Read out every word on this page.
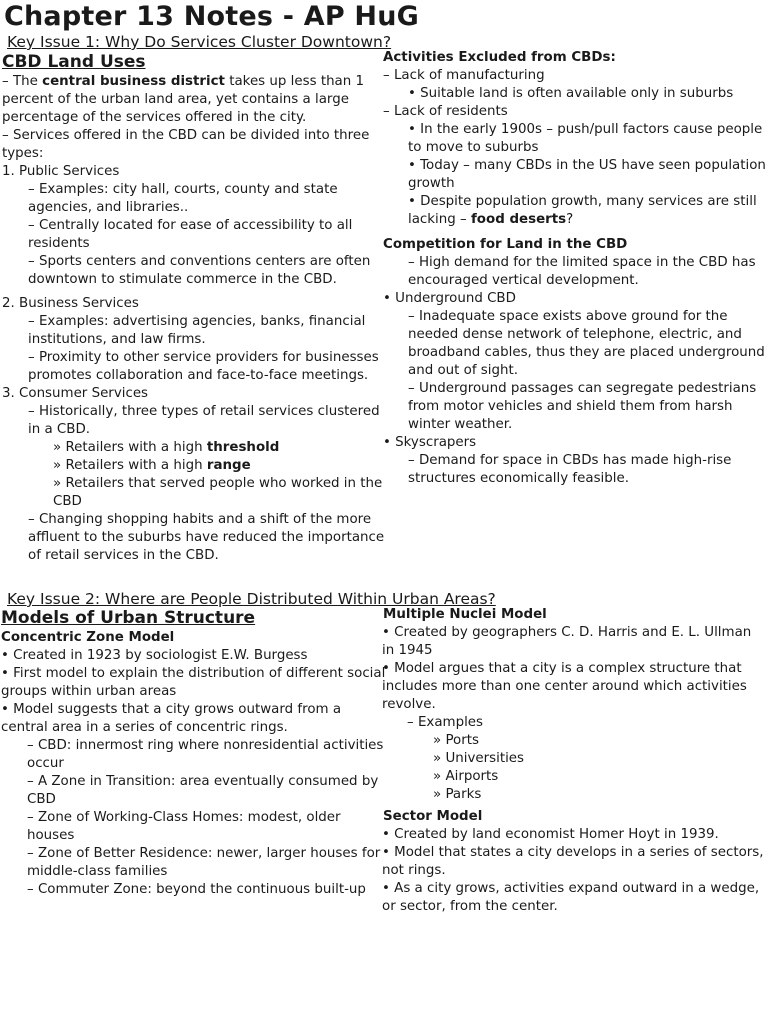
Chapter 13 Notes - AP HuG
Key Issue 1: Why Do Services Cluster Downtown?
CBD Land Uses

– The central business district takes up less than 1 percent of the urban land area, yet contains a large percentage of the services offered in the city.

– Services offered in the CBD can be divided into three types:

1. Public Services

– Examples: city hall, courts, county and state agencies, and libraries..

– Centrally located for ease of accessibility to all residents

– Sports centers and conventions centers are often downtown to stimulate commerce in the CBD.

2. Business Services

– Examples: advertising agencies, banks, financial institutions, and law firms.

– Proximity to other service providers for businesses promotes collaboration and face-to-face meetings.

3. Consumer Services

– Historically, three types of retail services clustered in a CBD.

» Retailers with a high threshold

» Retailers with a high range

» Retailers that served people who worked in the CBD

– Changing shopping habits and a shift of the more affluent to the suburbs have reduced the importance of retail services in the CBD.

Activities Excluded from CBDs:

– Lack of manufacturing

• Suitable land is often available only in suburbs

– Lack of residents

• In the early 1900s – push/pull factors cause people to move to suburbs

• Today – many CBDs in the US have seen population growth

• Despite population growth, many services are still lacking – food deserts?

Competition for Land in the CBD

– High demand for the limited space in the CBD has encouraged vertical development.

• Underground CBD

– Inadequate space exists above ground for the needed dense network of telephone, electric, and broadband cables, thus they are placed underground and out of sight.

– Underground passages can segregate pedestrians from motor vehicles and shield them from harsh winter weather.

• Skyscrapers

– Demand for space in CBDs has made high-rise structures economically feasible.

Key Issue 2: Where are People Distributed Within Urban Areas?
Models of Urban Structure
Concentric Zone Model

• Created in 1923 by sociologist E.W. Burgess

• First model to explain the distribution of different social groups within urban areas

• Model suggests that a city grows outward from a central area in a series of concentric rings.

– CBD: innermost ring where nonresidential activities occur

– A Zone in Transition: area eventually consumed by CBD

– Zone of Working-Class Homes: modest, older houses

– Zone of Better Residence: newer, larger houses for middle-class families

– Commuter Zone: beyond the continuous built-up

Multiple Nuclei Model

• Created by geographers C. D. Harris and E. L. Ullman in 1945

• Model argues that a city is a complex structure that includes more than one center around which activities revolve.

– Examples

» Ports

» Universities

» Airports

» Parks

Sector Model

• Created by land economist Homer Hoyt in 1939.

• Model that states a city develops in a series of sectors, not rings.

• As a city grows, activities expand outward in a wedge, or sector, from the center.
